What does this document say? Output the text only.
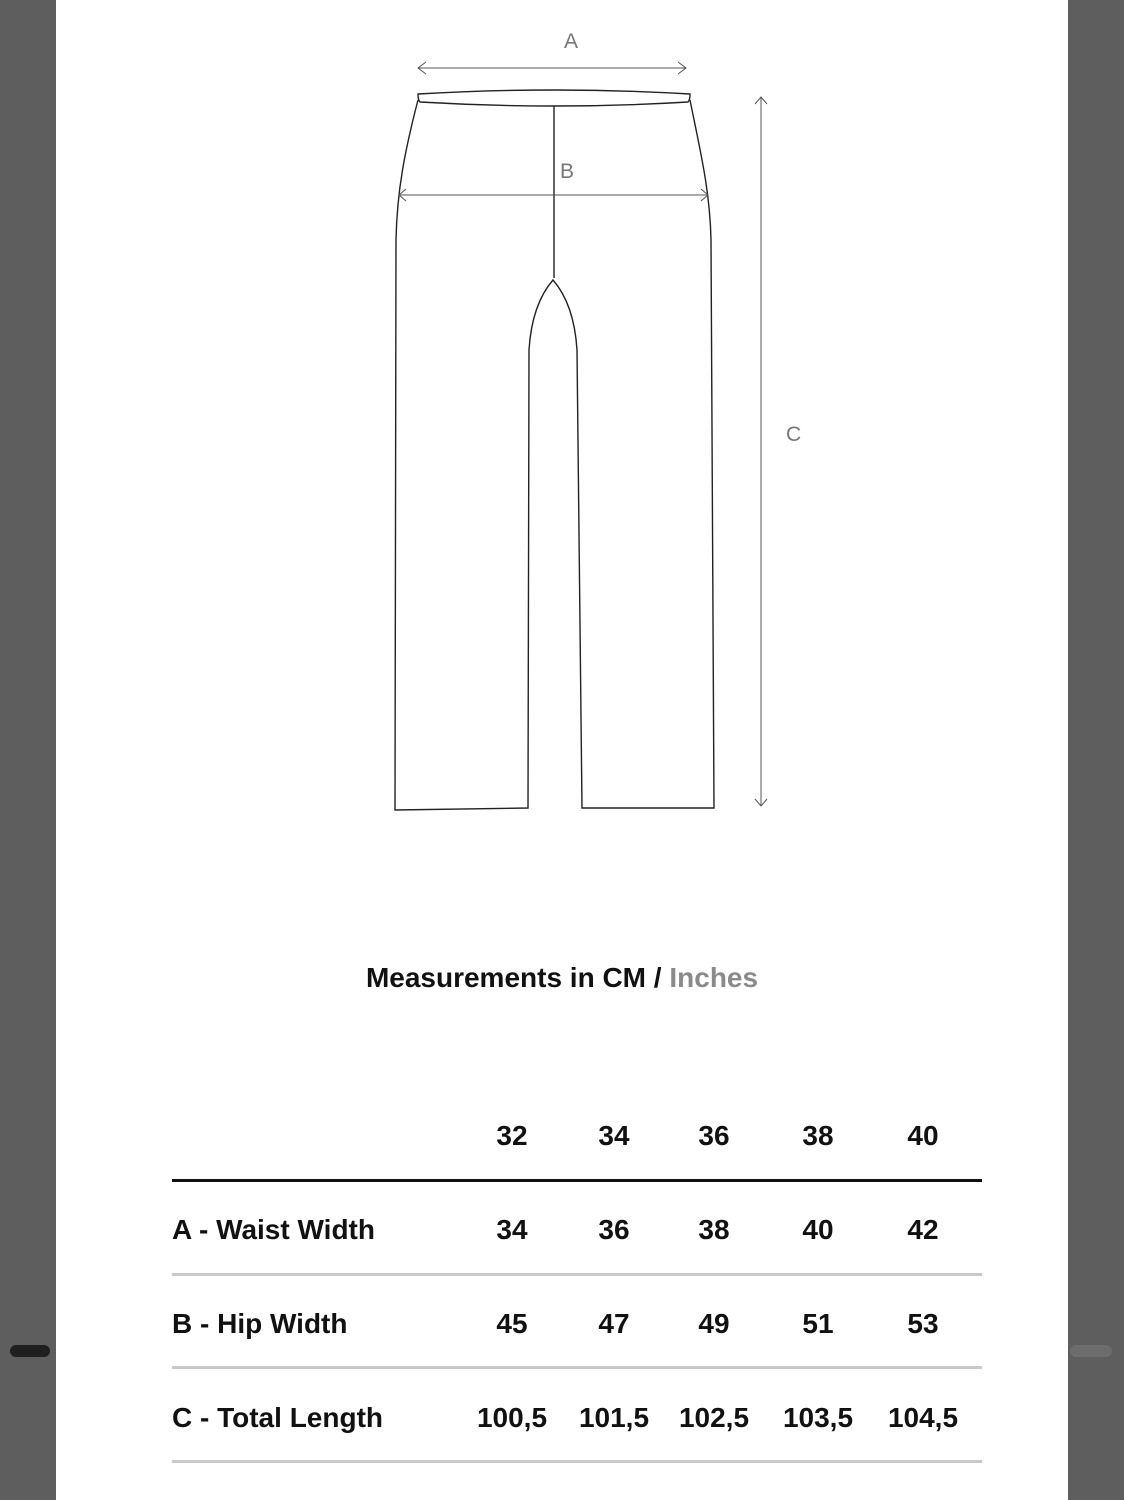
A
B
C
Measurements in CM / Inches
32	34	36	38	40
A - Waist Width	34	36	38	40	42
B - Hip Width	45	47	49	51	53
C - Total Length	100,5	101,5	102,5	103,5	104,5
